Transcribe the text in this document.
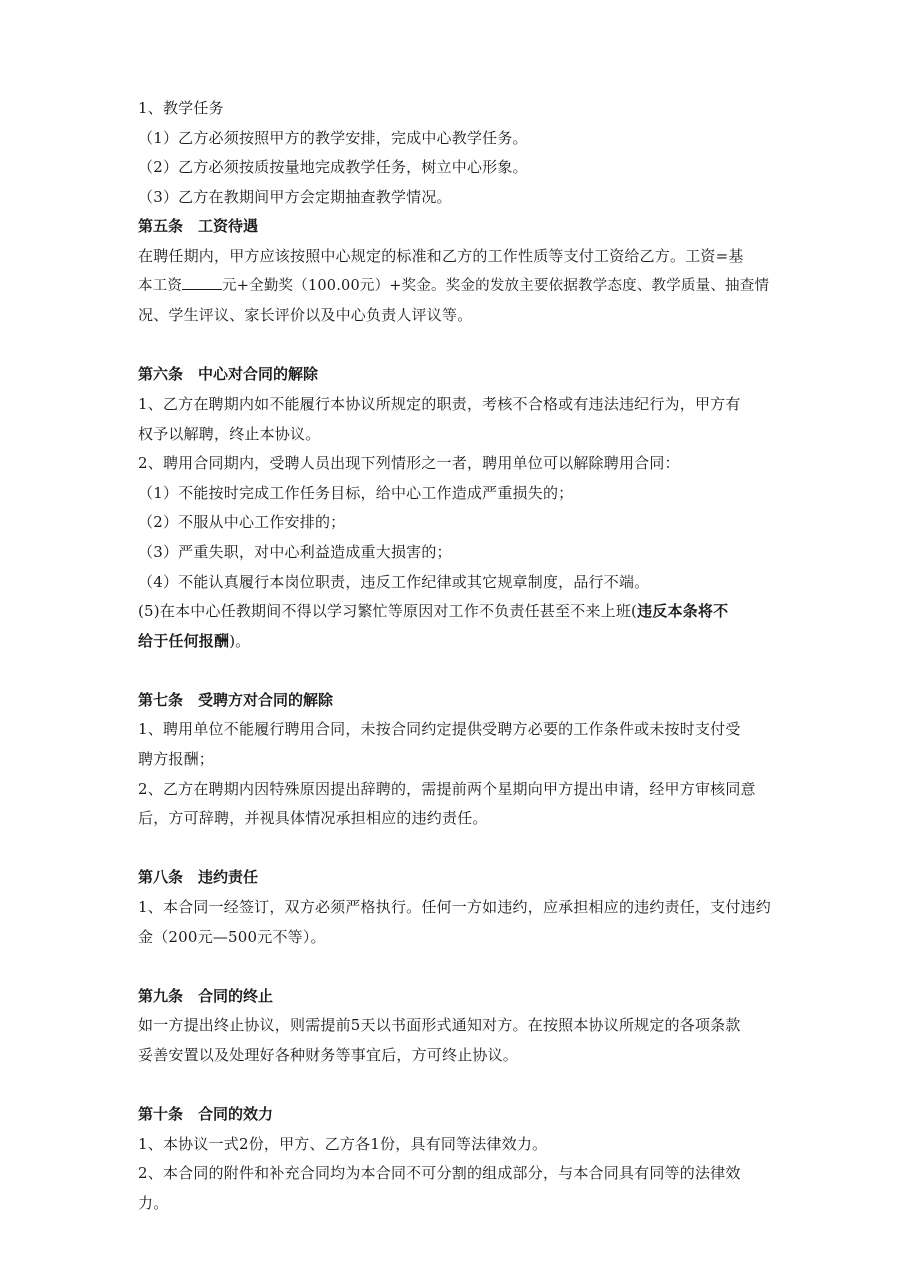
1、教学任务
（1）乙方必须按照甲方的教学安排，完成中心教学任务。
（2）乙方必须按质按量地完成教学任务，树立中心形象。
（3）乙方在教期间甲方会定期抽查教学情况。
第五条　工资待遇
在聘任期内，甲方应该按照中心规定的标准和乙方的工作性质等支付工资给乙方。工资=基
本工资	元+全勤奖（100.00元）+奖金。奖金的发放主要依据教学态度、教学质量、抽查情
况、学生评议、家长评价以及中心负责人评议等。
第六条　中心对合同的解除
1、乙方在聘期内如不能履行本协议所规定的职责，考核不合格或有违法违纪行为，甲方有
权予以解聘，终止本协议。
2、聘用合同期内，受聘人员出现下列情形之一者，聘用单位可以解除聘用合同：
（1）不能按时完成工作任务目标，给中心工作造成严重损失的；
（2）不服从中心工作安排的；
（3）严重失职，对中心利益造成重大损害的；
（4）不能认真履行本岗位职责，违反工作纪律或其它规章制度，品行不端。
(5)在本中心任教期间不得以学习繁忙等原因对工作不负责任甚至不来上班(违反本条将不
给于任何报酬)。
第七条　受聘方对合同的解除
1、聘用单位不能履行聘用合同，未按合同约定提供受聘方必要的工作条件或未按时支付受
聘方报酬；
2、乙方在聘期内因特殊原因提出辞聘的，需提前两个星期向甲方提出申请，经甲方审核同意
后，方可辞聘，并视具体情况承担相应的违约责任。
第八条　违约责任
1、本合同一经签订，双方必须严格执行。任何一方如违约，应承担相应的违约责任，支付违约
金（200元—500元不等）。
第九条　合同的终止
如一方提出终止协议，则需提前5天以书面形式通知对方。在按照本协议所规定的各项条款
妥善安置以及处理好各种财务等事宜后，方可终止协议。
第十条　合同的效力
1、本协议一式2份，甲方、乙方各1份，具有同等法律效力。
2、本合同的附件和补充合同均为本合同不可分割的组成部分，与本合同具有同等的法律效
力。
